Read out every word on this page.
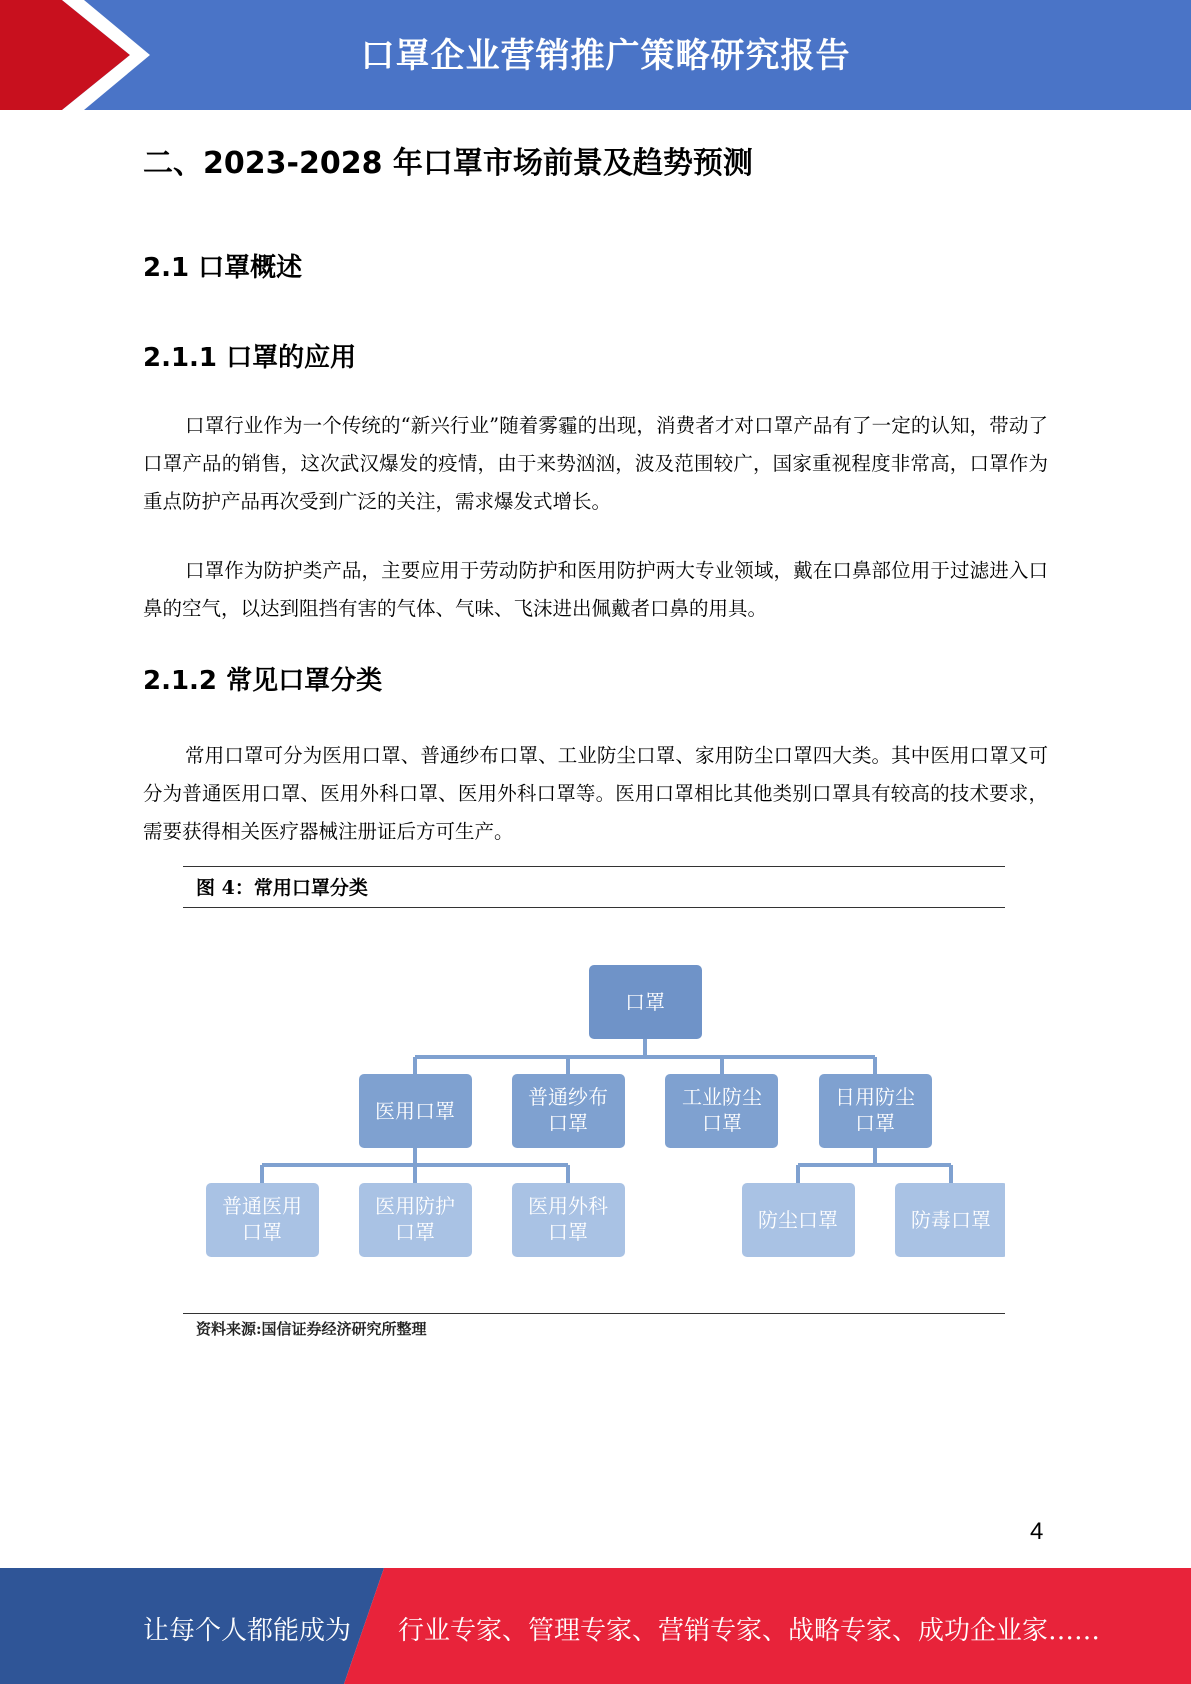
口罩企业营销推广策略研究报告
二、2023-2028 年口罩市场前景及趋势预测
2.1 口罩概述
2.1.1 口罩的应用

口罩行业作为一个传统的“新兴行业”随着雾霾的出现，消费者才对口罩产品有了一定的认知，带动了口罩产品的销售，这次武汉爆发的疫情，由于来势汹汹，波及范围较广，国家重视程度非常高，口罩作为重点防护产品再次受到广泛的关注，需求爆发式增长。

口罩作为防护类产品，主要应用于劳动防护和医用防护两大专业领域，戴在口鼻部位用于过滤进入口鼻的空气，以达到阻挡有害的气体、气味、飞沫进出佩戴者口鼻的用具。

2.1.2 常见口罩分类

常用口罩可分为医用口罩、普通纱布口罩、工业防尘口罩、家用防尘口罩四大类。其中医用口罩又可分为普通医用口罩、医用外科口罩、医用外科口罩等。医用口罩相比其他类别口罩具有较高的技术要求，需要获得相关医疗器械注册证后方可生产。

图 4：常用口罩分类
口罩
医用口罩
普通纱布
口罩
工业防尘
口罩
日用防尘
口罩
普通医用
口罩
医用防护
口罩
医用外科
口罩	防尘口罩	防毒口罩
资料来源:国信证券经济研究所整理
4
让每个人都能成为 行业专家、管理专家、营销专家、战略专家、成功企业家……
